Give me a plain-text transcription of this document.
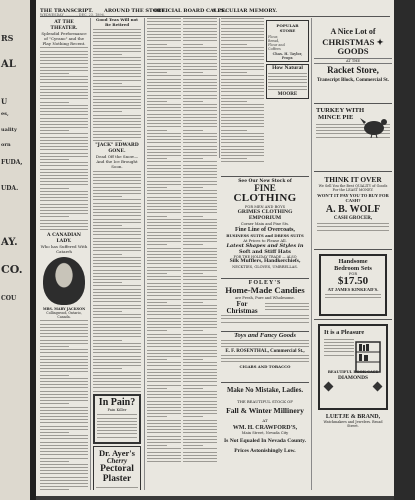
RS
AL
U
es,
uality
orn
FUDA,
UDA.
AY.
CO.
COU
THE TRANSCRIPT.	AROUND THE STORE.
OFFICIAL BOARD CALLS.
A PECULIAR MEMORY.
WEDNESDAY ............ DEC. 23, 1896.
AT THE THEATER.
Splendid Performance of "Cyrano" and the Play Nothing Recent.
A CANADIAN LADY.
Who has Suffered With Catarrh
MRS. MARY JACKSON
Collingwood, Ontario, Canada.
Good Teas Will not Be Retired
"JACK" EDWARD GONE.
Dead Off the Snow—And the Ice Brought Soon.
In Pain?
Pain Killer
Dr. Ayer's
Cherry
Pectoral
Plaster
POPULAR STORE
Flour,
Bread,
Flour and
Coffees
Chas. H. Taylor, Propr.
How Natural
MOORE
See Our New Stock of
FINE
CLOTHING
FOR MEN AND BOYS
GRIMES CLOTHING EMPORIUM
Corner Main and Pine Sts.
Fine Line of Overcoats,
BUSINESS SUITS and DRESS SUITS
At Prices to Please All.
Latest Shapes and Styles in
Soft and Stiff Hats
FOR THE HOLIDAY TRADE — ALSO
Silk Mufflers, Handkerchiefs,
NECKTIES, GLOVES, UMBRELLAS.
FOLEY'S
Home-Made Candies
are Fresh, Pure and Wholesome.
For Christmas
Toys and Fancy Goods
E. F. ROSENTHAL, Commercial St.,
CIGARS AND TOBACCO
Make No Mistake, Ladies.
THE BEAUTIFUL STOCK OF
Fall & Winter Millinery
AT
WM. H. CRAWFORD'S,
Main Street, Nevada City
Is Not Equaled In Nevada County.
Prices Astonishingly Low.
A Nice Lot of
CHRISTMAS ✦ GOODS
AT THE
Racket Store,
Transcript Block, Commercial St.
TURKEY WITH
MINCE PIE
THINK IT OVER
We Sell You the Best QUALITY of Goods For the LEAST MONEY.
WON'T IT PAY YOU TO BUY FOR CASH?
A. B. WOLF
CASH GROCER,
Handsome
Bedroom Sets
FOR
$17.50
AT JAMES KINKEAD'S.
It is a Pleasure
BEAUTIFUL BOOK CASE
$^{DIAMONDS}$
LUETJE & BRAND,
Watchmakers and Jewelers. Broad Street.
